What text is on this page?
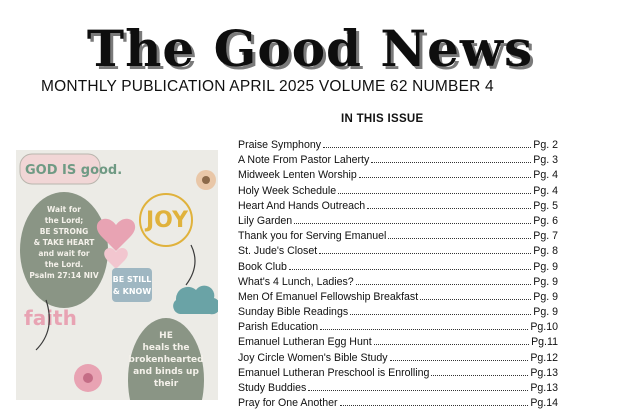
The Good News
MONTHLY PUBLICATION APRIL 2025 VOLUME 62 NUMBER 4
IN THIS ISSUE
Praise Symphony	Pg. 2
A Note From Pastor Laherty	Pg. 3
Midweek Lenten Worship	Pg. 4
Holy Week Schedule	Pg. 4
Heart And Hands Outreach	Pg. 5
Lily Garden	Pg. 6
Thank you for Serving Emanuel	Pg. 7
St. Jude's Closet	Pg. 8
Book Club	Pg. 9
What's 4 Lunch, Ladies?	Pg. 9
Men Of Emanuel Fellowship Breakfast	Pg. 9
Sunday Bible Readings	Pg. 9
Parish Education	Pg.10
Emanuel Lutheran Egg Hunt	Pg.11
Joy Circle Women's Bible Study	Pg.12
Emanuel Lutheran Preschool is Enrolling	Pg.13
Study Buddies	Pg.13
Pray for One Another	Pg.14
GOD IS good.
Wait for
the Lord;
BE STRONG
& TAKE HEART
and wait for
the Lord.
Psalm 27:14 NIV
JOY
BE STILL
& KNOW
faith
HE
heals the
brokenhearted
and binds up
their
